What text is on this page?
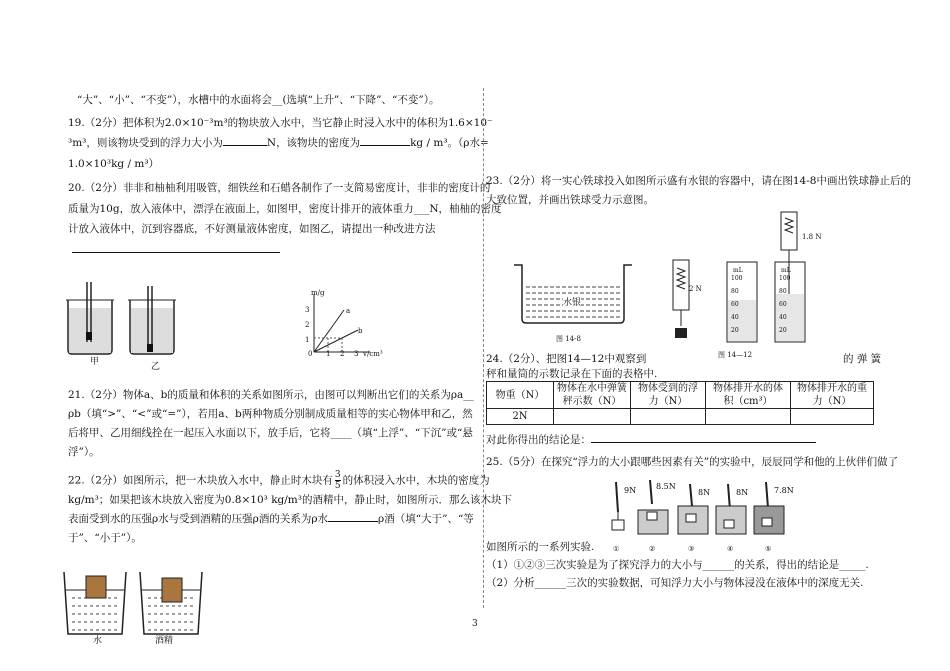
“大”、“小”、“不变”），水槽中的水面将会__(选填“上升”、“下降”、“不变”）。
19.（2分）把体积为2.0×10⁻³m³的物块放入水中，当它静止时浸入水中的体积为1.6×10⁻
³m³，则该物块受到的浮力大小为	N，该物块的密度为	kg / m³。（ρ水=
1.0×10³kg / m³）
20.（2分）非非和柚柚利用吸管，细铁丝和石蜡各制作了一支简易密度计，非非的密度计的
质量为10g，放入液体中，漂浮在液面上，如图甲，密度计排开的液体重力___N，柚柚的密度
计放入液体中，沉到容器底，不好测量液体密度，如图乙，请提出一种改进方法
甲	乙
m/g
v/cm³
a
b
3
2
1
0 1 2 3
21.（2分）物体a、b的质量和体积的关系如图所示，由图可以判断出它们的关系为ρa__
ρb（填“>”、“<”或“=”），若用a、b两种物质分别制成质量相等的实心物体甲和乙，然
后将甲、乙用细线拴在一起压入水面以下，放手后，它将____（填“上浮”、“下沉”或“悬
浮”）。
22.（2分）如图所示，把一木块放入水中，静止时木块有 $\frac{3}{5}$ 的体积浸入水中，木块的密度为
kg/m³；如果把该木块放入密度为0.8×10³ kg/m³的酒精中，静止时，如图所示．那么该木块下
表面受到水的压强ρ水与受到酒精的压强ρ酒的关系为ρ水	ρ酒（填“大于”、“等
于”、“小于”）。
水	酒精
23.（2分）将一实心铁球投入如图所示盛有水银的容器中，请在图14-8中画出铁球静止后的
大致位置，并画出铁球受力示意图。
水银
图 14-8
2 N
1.8 N
mL	mL
100
80
60
40
20
100
80
60
40
20
图 14—12
24.（2分）、把图14—12中观察到	的 弹 簧
秤和量筒的示数记录在下面的表格中.
物重（N）	物体在水中弹簧秤示数（N）	物体受到的浮力（N）	物体排开水的体积（cm³）	物体排开水的重力（N）
2N				
对此你得出的结论是：
25.（5分）在探究“浮力的大小跟哪些因素有关”的实验中，辰辰同学和他的上伙伴们做了
9N 8.5N
8N	8N	7.8N
①	②	③	④	⑤
如图所示的一系列实验.
（1）①②③三次实验是为了探究浮力的大小与______的关系，得出的结论是_____.
（2）分析______三次的实验数据，可知浮力大小与物体浸没在液体中的深度无关.
3
